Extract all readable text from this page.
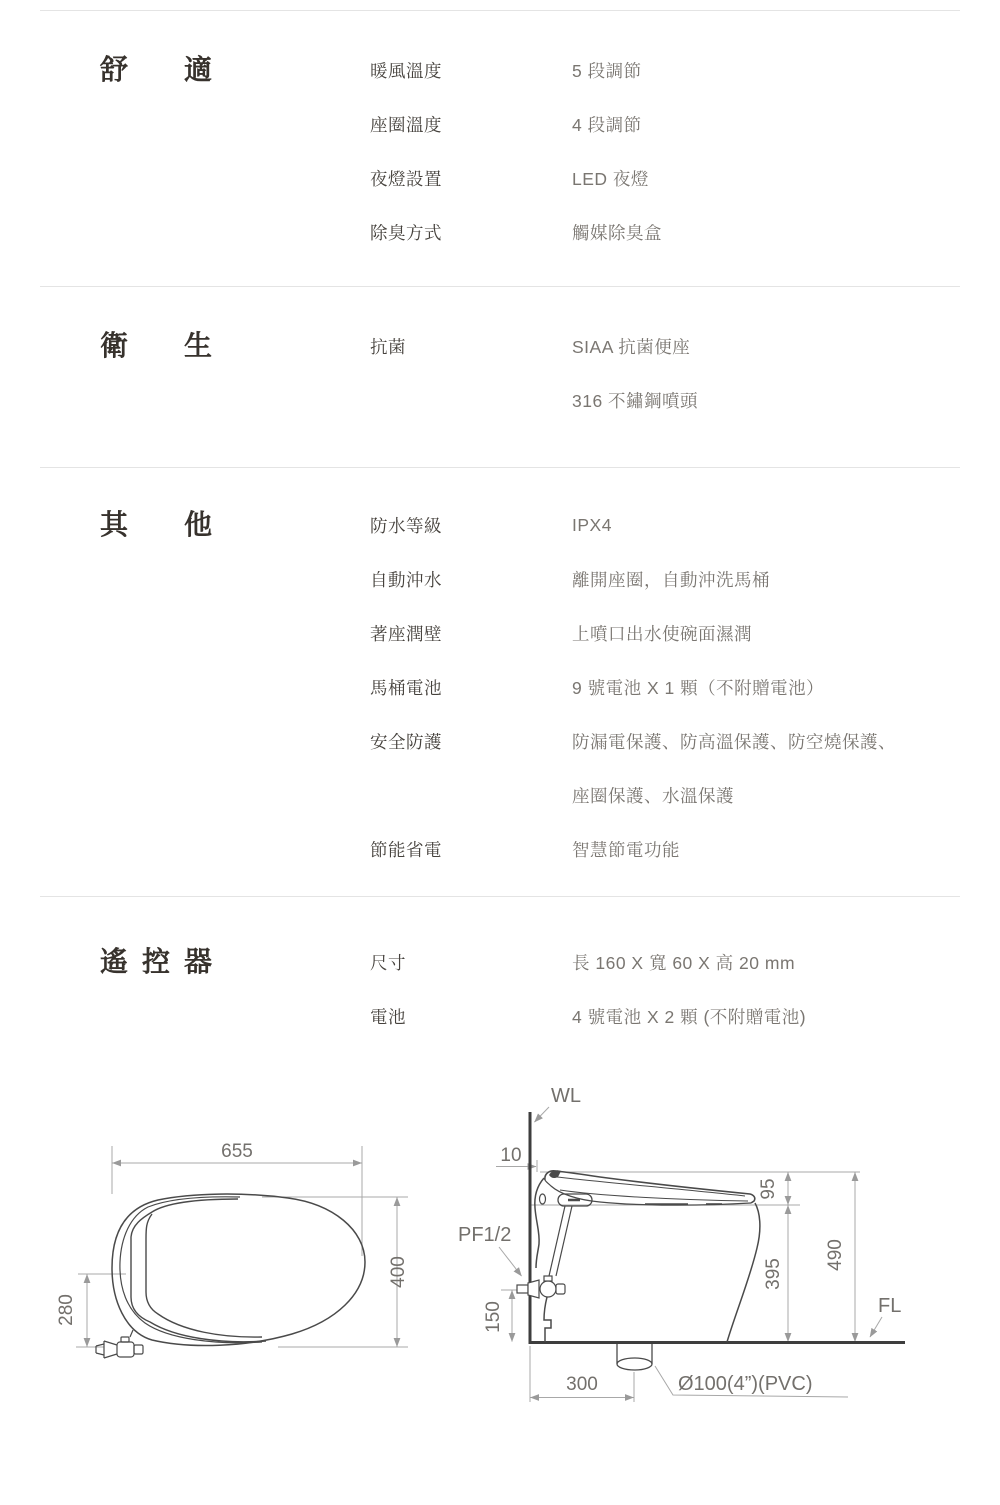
舒適	暖風溫度	5 段調節
座圈溫度	4 段調節
夜燈設置	LED 夜燈
除臭方式	觸媒除臭盒
衛生	抗菌	SIAA 抗菌便座
316 不鏽鋼噴頭
其他	防水等級	IPX4
自動沖水	離開座圈，自動沖洗馬桶
著座潤壁	上噴口出水使碗面濕潤
馬桶電池	9 號電池 X 1 顆（不附贈電池）
安全防護	防漏電保護、防高溫保護、防空燒保護、
座圈保護、水溫保護
節能省電	智慧節電功能
遙控器	尺寸	長 160 X 寬 60 X 高 20 mm
電池	4 號電池 X 2 顆 (不附贈電池)
655
400
280
WL
FL
10
PF1/2
150
95
395
490
300	Ø100(4”)(PVC)
